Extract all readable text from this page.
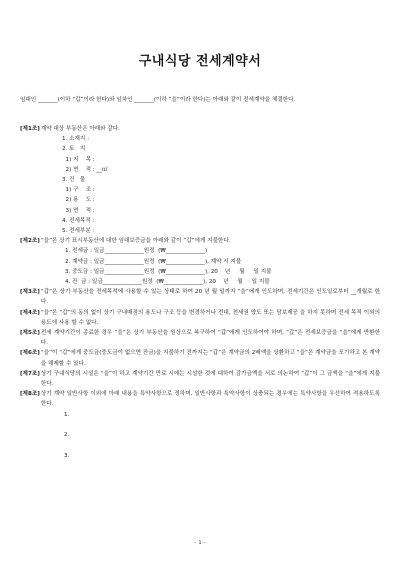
구내식당 전세계약서
임대인 _______(이하 “갑”이라 한다)와 임차인 _______(이하 “을”이라 한다)는 아래와 같이 전세계약을 체결한다.
[제1조] 계약 대상 부동산은 아래와 같다.
1. 소재지 :
2. 토   지
1) 지    목 :
2) 면    적 : __㎡
3. 건   물
1) 구    조 :
2) 용    도 :
3) 면    적 :
4. 전세목적 :
5. 전세부분 :
[제2조] “을”은 상기 표시부동산에 대한 임대보증금을 아래와 같이 “갑”에게 지불한다.
1. 전세금 : 일금______________원정  (₩______________)
2. 계약금 : 일금______________원정  (₩______________), 계약 시 지불
3. 중도금 : 일금______________원정  (₩______________), 20    년     월     일 지불
4. 잔  금 : 일금______________원정  (₩______________), 20    년     월     일 지불
[제3조] “갑”은 상기 부동산을 전세목적에 사용할 수 있는 상태로 하여 20 년 월 일까지 “을”에게 인도하며, 전세기간은 인도일로부터 __개월로 한다.
[제4조] “을”은 “갑”의 동의 없이 상기 구내매점의 용도나 구조 등을 변경하거나 전대, 전세권 양도 또는 담보제공 을 하지 못하며 전세 목적 이외의 용도에 사용 할 수 없다.
[제5조] 전세 계약기간이 종료한 경우 “을”은 상기 부동산을 원상으로 복구하여 “갑”에게 인도하여야 하며, “갑”은 전세보증금을 “을”에게 반환한다.
[제6조] “을”이 “갑”에게 중도금(중도금이 없으면 잔금)을 지불하기 전까지는 “갑”은 계약금의 2배액을 상환하고 “을”은 계약금을 포기하고 본 계약을 해제할 수 있다.
[제7조] 상기 구내식당의 시설은 “을”이 하고 계약기간 만료 시에는 시설한 것에 대하여 감가금액을 서로 의논하여 “갑”이 그 금액을 “을”에게 지불한다.
[제8조] 상기 계약 일반사항 이외에 아래 내용을 특약사항으로 정하며, 일반사항과 특약사항이 상충되는 경우에는 특약사항을 우선하여 적용하도록 한다.
1.
2.
3.
- 1 -
